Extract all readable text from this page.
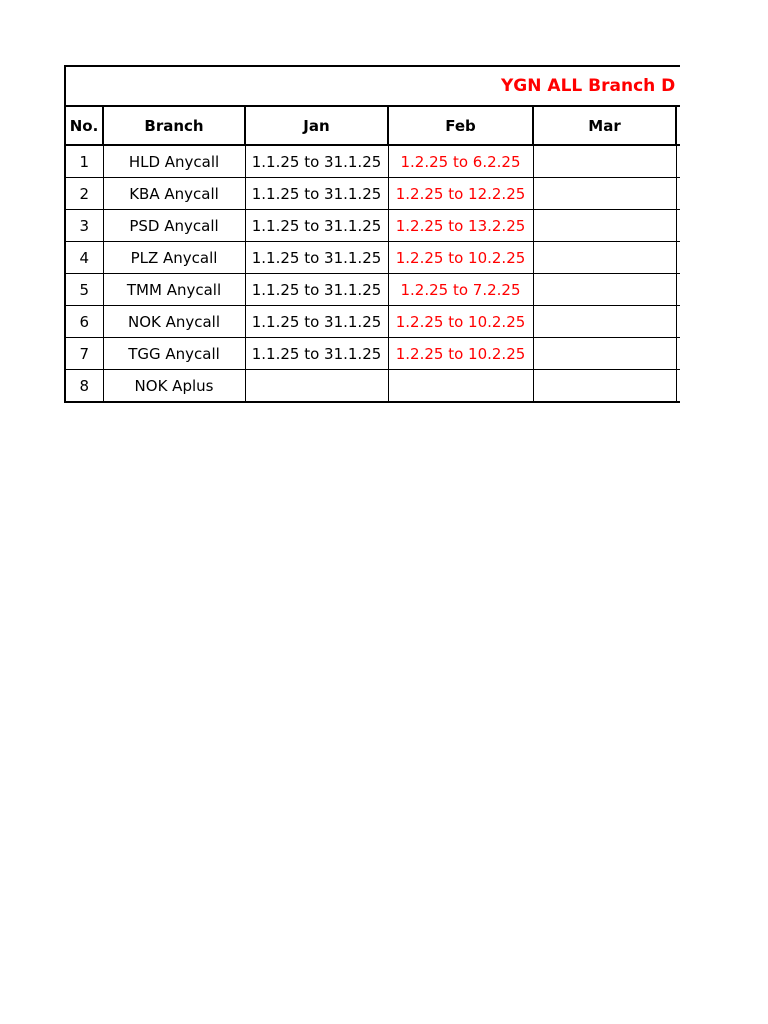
YGN ALL Branch D
No.	Branch	Jan	Feb	Mar	
1	HLD Anycall	1.1.25 to 31.1.25	1.2.25 to 6.2.25		
2	KBA Anycall	1.1.25 to 31.1.25	1.2.25 to 12.2.25		
3	PSD Anycall	1.1.25 to 31.1.25	1.2.25 to 13.2.25		
4	PLZ Anycall	1.1.25 to 31.1.25	1.2.25 to 10.2.25		
5	TMM Anycall	1.1.25 to 31.1.25	1.2.25 to 7.2.25		
6	NOK Anycall	1.1.25 to 31.1.25	1.2.25 to 10.2.25		
7	TGG Anycall	1.1.25 to 31.1.25	1.2.25 to 10.2.25		
8	NOK Aplus				
